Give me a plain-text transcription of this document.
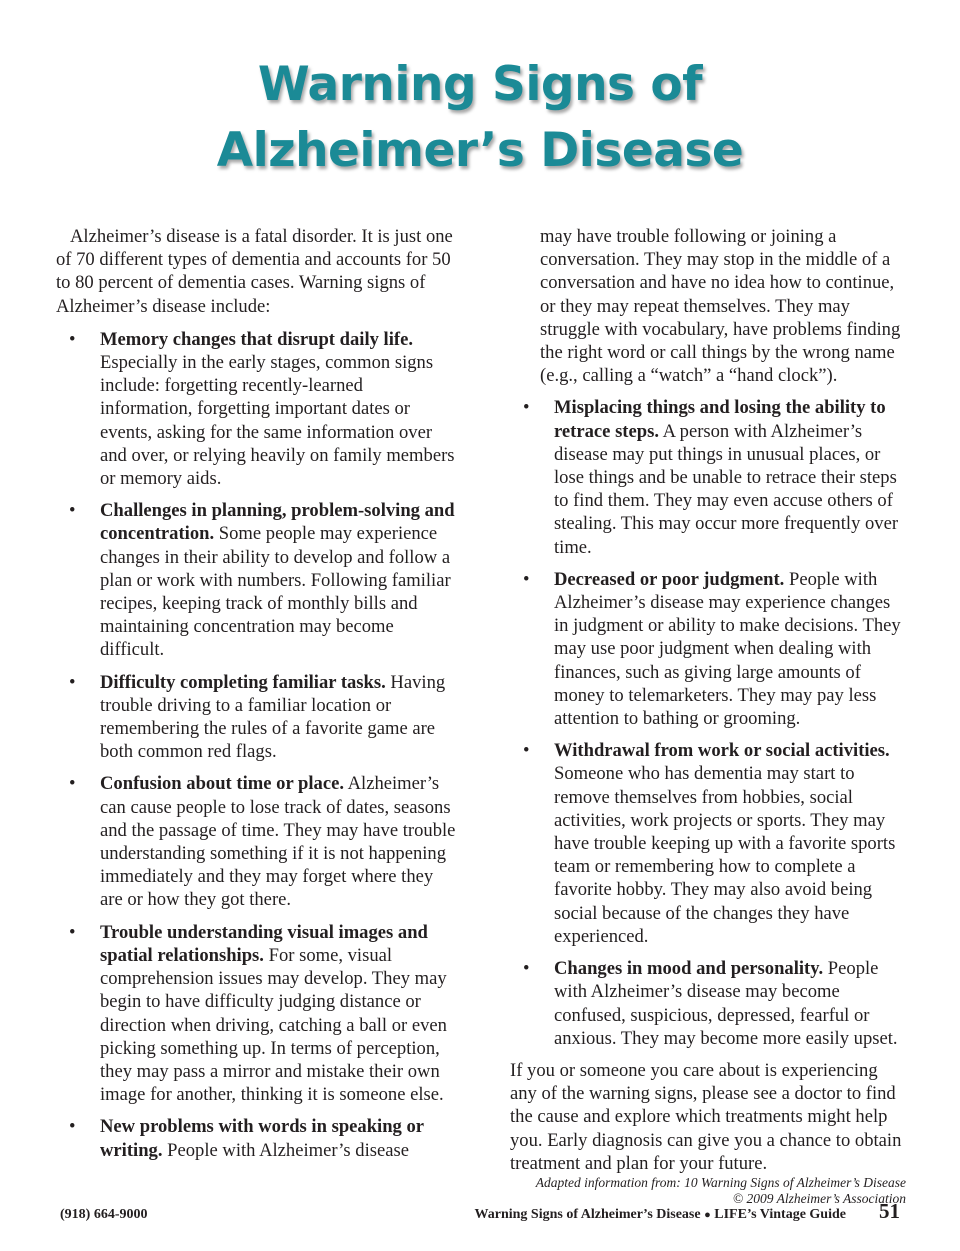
Warning Signs of
Alzheimer’s Disease

Alzheimer’s disease is a fatal disorder. It is just one of 70 different types of dementia and accounts for 50 to 80 percent of dementia cases. Warning signs of Alzheimer’s disease include:

• Memory changes that disrupt daily life. Especially in the early stages, common signs include: forgetting recently-learned information, forgetting important dates or events, asking for the same information over and over, or relying heavily on family members or memory aids.
• Challenges in planning, problem-solving and concentration. Some people may experience changes in their ability to develop and follow a plan or work with numbers. Following familiar recipes, keeping track of monthly bills and maintaining concentration may become difficult.
• Difficulty completing familiar tasks. Having trouble driving to a familiar location or remembering the rules of a favorite game are both common red flags.
• Confusion about time or place. Alzheimer’s can cause people to lose track of dates, seasons and the passage of time. They may have trouble understanding something if it is not happening immediately and they may forget where they are or how they got there.
• Trouble understanding visual images and spatial relationships. For some, visual comprehension issues may develop. They may begin to have difficulty judging distance or direction when driving, catching a ball or even picking something up. In terms of perception, they may pass a mirror and mistake their own image for another, thinking it is someone else.
• New problems with words in speaking or writing. People with Alzheimer’s disease

may have trouble following or joining a conversation. They may stop in the middle of a conversation and have no idea how to continue, or they may repeat themselves. They may struggle with vocabulary, have problems finding the right word or call things by the wrong name (e.g., calling a “watch” a “hand clock”).

• Misplacing things and losing the ability to retrace steps. A person with Alzheimer’s disease may put things in unusual places, or lose things and be unable to retrace their steps to find them. They may even accuse others of stealing. This may occur more frequently over time.
• Decreased or poor judgment. People with Alzheimer’s disease may experience changes in judgment or ability to make decisions. They may use poor judgment when dealing with finances, such as giving large amounts of money to telemarketers. They may pay less attention to bathing or grooming.
• Withdrawal from work or social activities. Someone who has dementia may start to remove themselves from hobbies, social activities, work projects or sports. They may have trouble keeping up with a favorite sports team or remembering how to complete a favorite hobby. They may also avoid being social because of the changes they have experienced.
• Changes in mood and personality. People with Alzheimer’s disease may become confused, suspicious, depressed, fearful or anxious. They may become more easily upset.

If you or someone you care about is experiencing any of the warning signs, please see a doctor to find the cause and explore which treatments might help you. Early diagnosis can give you a chance to obtain treatment and plan for your future.

Adapted information from: 10 Warning Signs of Alzheimer’s Disease
© 2009 Alzheimer’s Association
(918) 664-9000	Warning Signs of Alzheimer’s Disease ● LIFE’s Vintage Guide 51
